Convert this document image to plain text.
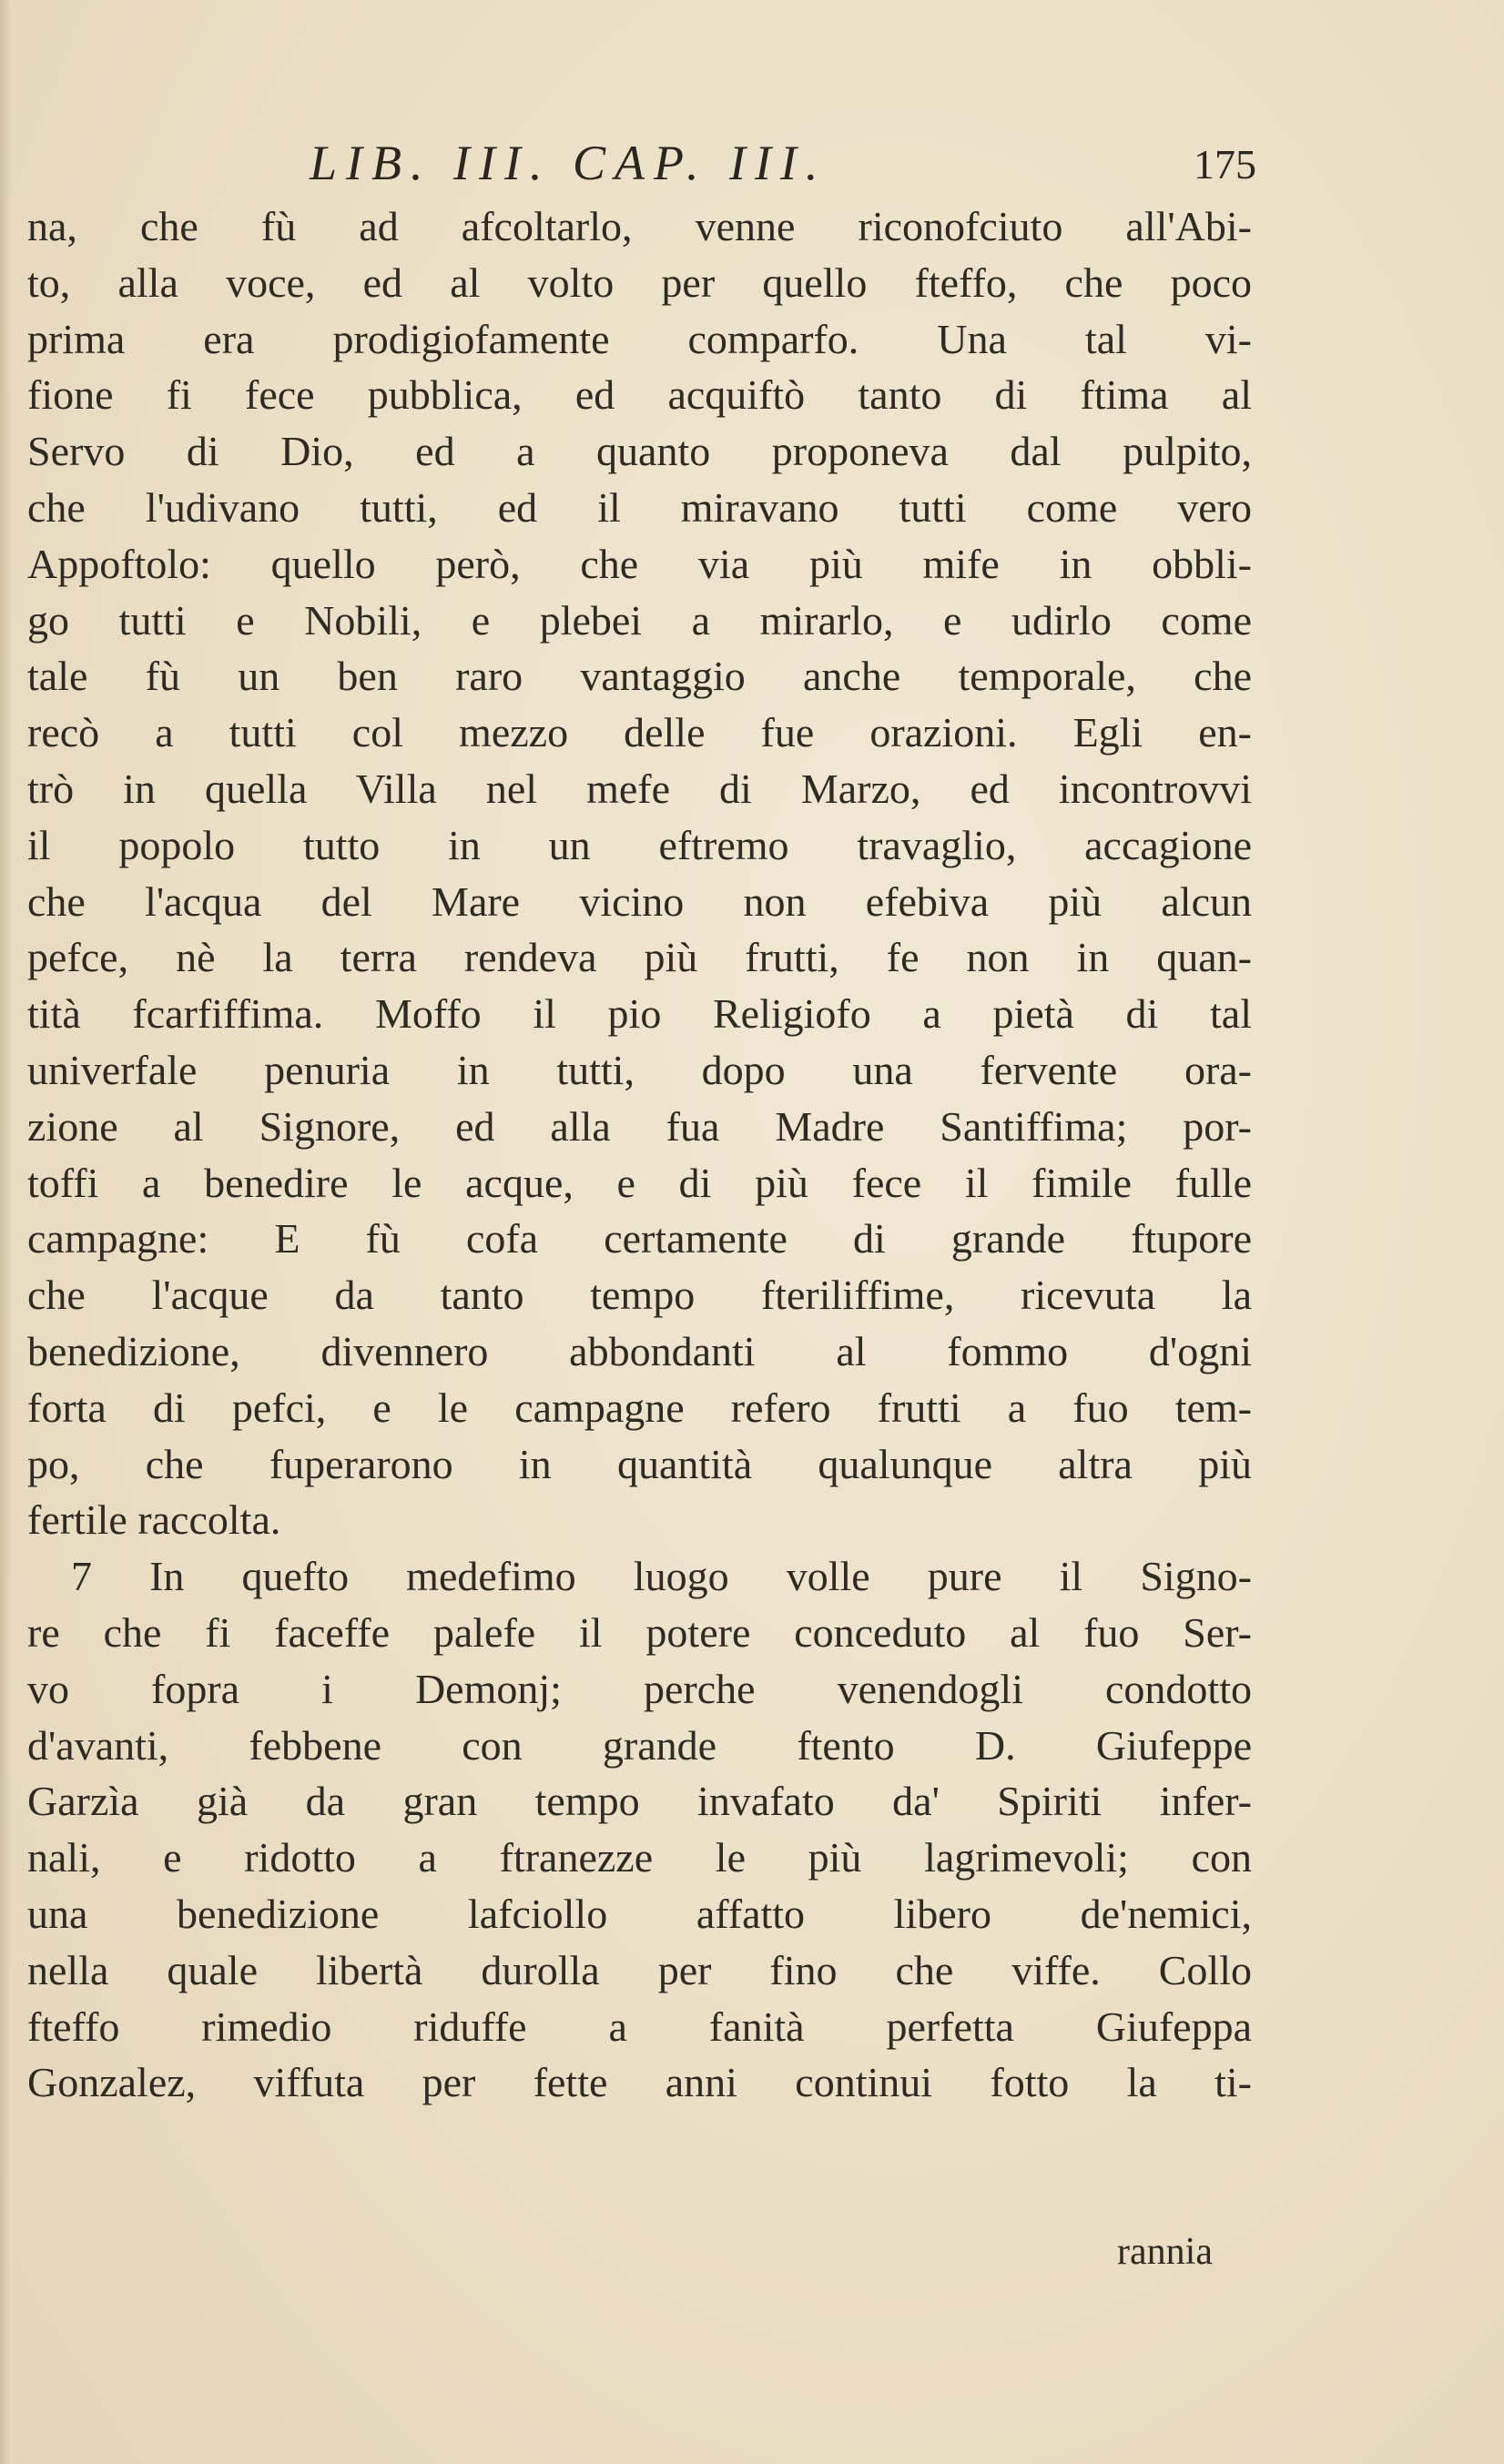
LIB. III. CAP. III.	175
na, che fù ad afcoltarlo, venne riconofciuto all'Abi-
to, alla voce, ed al volto per quello fteffo, che poco
prima era prodigiofamente comparfo. Una tal vi-
fione fi fece pubblica, ed acquiftò tanto di ftima al
Servo di Dio, ed a quanto proponeva dal pulpito,
che l'udivano tutti, ed il miravano tutti come vero
Appoftolo: quello però, che via più mife in obbli-
go tutti e Nobili, e plebei a mirarlo, e udirlo come
tale fù un ben raro vantaggio anche temporale, che
recò a tutti col mezzo delle fue orazioni. Egli en-
trò in quella Villa nel mefe di Marzo, ed incontrovvi
il popolo tutto in un eftremo travaglio, accagione
che l'acqua del Mare vicino non efebiva più alcun
pefce, nè la terra rendeva più frutti, fe non in quan-
tità fcarfiffima. Moffo il pio Religiofo a pietà di tal
univerfale penuria in tutti, dopo una fervente ora-
zione al Signore, ed alla fua Madre Santiffima; por-
toffi a benedire le acque, e di più fece il fimile fulle
campagne: E fù cofa certamente di grande ftupore
che l'acque da tanto tempo fteriliffime, ricevuta la
benedizione, divennero abbondanti al fommo d'ogni
forta di pefci, e le campagne refero frutti a fuo tem-
po, che fuperarono in quantità qualunque altra più
fertile raccolta.
7 In quefto medefimo luogo volle pure il Signo-
re che fi faceffe palefe il potere conceduto al fuo Ser-
vo fopra i Demonj; perche venendogli condotto
d'avanti, febbene con grande ftento D. Giufeppe
Garzìa già da gran tempo invafato da' Spiriti infer-
nali, e ridotto a ftranezze le più lagrimevoli; con
una benedizione lafciollo affatto libero de'nemici,
nella quale libertà durolla per fino che viffe. Collo
fteffo rimedio riduffe a fanità perfetta Giufeppa
Gonzalez, viffuta per fette anni continui fotto la ti-
rannia
